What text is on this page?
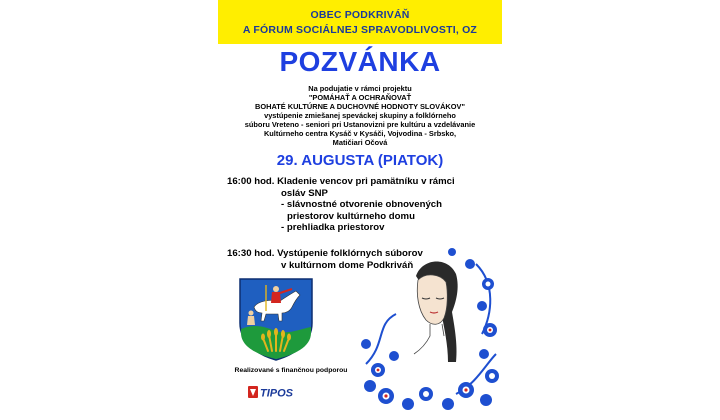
OBEC PODKRIVÁŇ
A FÓRUM SOCIÁLNEJ SPRAVODLIVOSTI, OZ
POZVÁNKA
Na podujatie v rámci projektu
"POMÁHAŤ A OCHRAŇOVAŤ
BOHATÉ KULTÚRNE A DUCHOVNÉ HODNOTY SLOVÁKOV"
vystúpenie zmiešanej speváckej skupiny a folklórneho
súboru Vreteno - seniori pri Ustanovizni pre kultúru a vzdelávanie
Kultúrneho centra Kysáč v Kysáči, Vojvodina - Srbsko,
Matičiari Očová
29. AUGUSTA (PIATOK)
16:00 hod. Kladenie vencov pri pamätníku v rámci
osláv SNP
- slávnostné otvorenie obnovených
priestorov kultúrneho domu
- prehliadka priestorov
16:30 hod. Vystúpenie folklórnych súborov
v kultúrnom dome Podkriváň
Realizované s finančnou podporou
TIPOS
